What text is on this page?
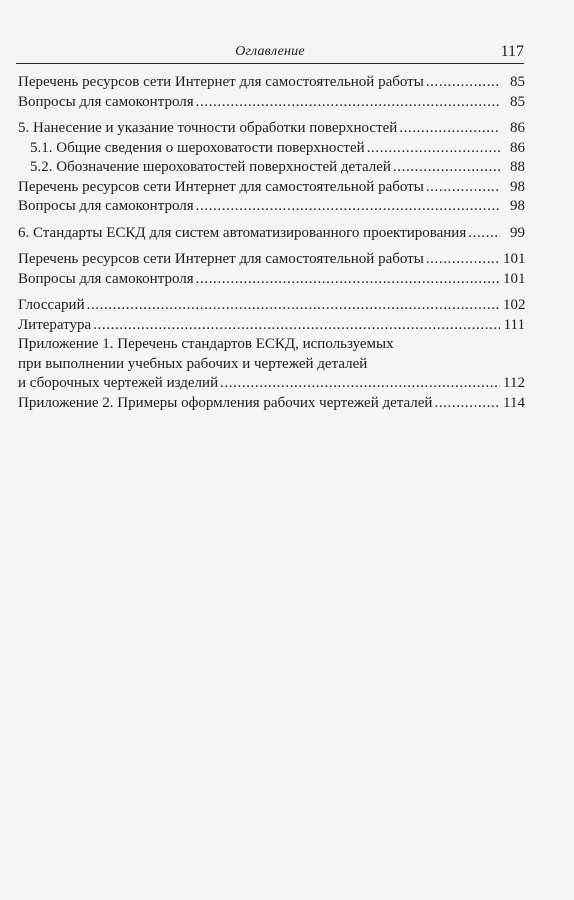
Оглавление	117
Перечень ресурсов сети Интернет для самостоятельной работы .....	85
Вопросы для самоконтроля .....	85
5. Нанесение и указание точности обработки поверхностей .....	86
5.1. Общие сведения о шероховатости поверхностей .....	86
5.2. Обозначение шероховатостей поверхностей деталей .....	88
Перечень ресурсов сети Интернет для самостоятельной работы .....	98
Вопросы для самоконтроля .....	98
6. Стандарты ЕСКД для систем автоматизированного проектирования .....	99
Перечень ресурсов сети Интернет для самостоятельной работы .....	101
Вопросы для самоконтроля .....	101
Глоссарий .....	102
Литература .....	111
Приложение 1. Перечень стандартов ЕСКД, используемых
при выполнении учебных рабочих и чертежей деталей
и сборочных чертежей изделий .....	112
Приложение 2. Примеры оформления рабочих чертежей деталей .....	114
